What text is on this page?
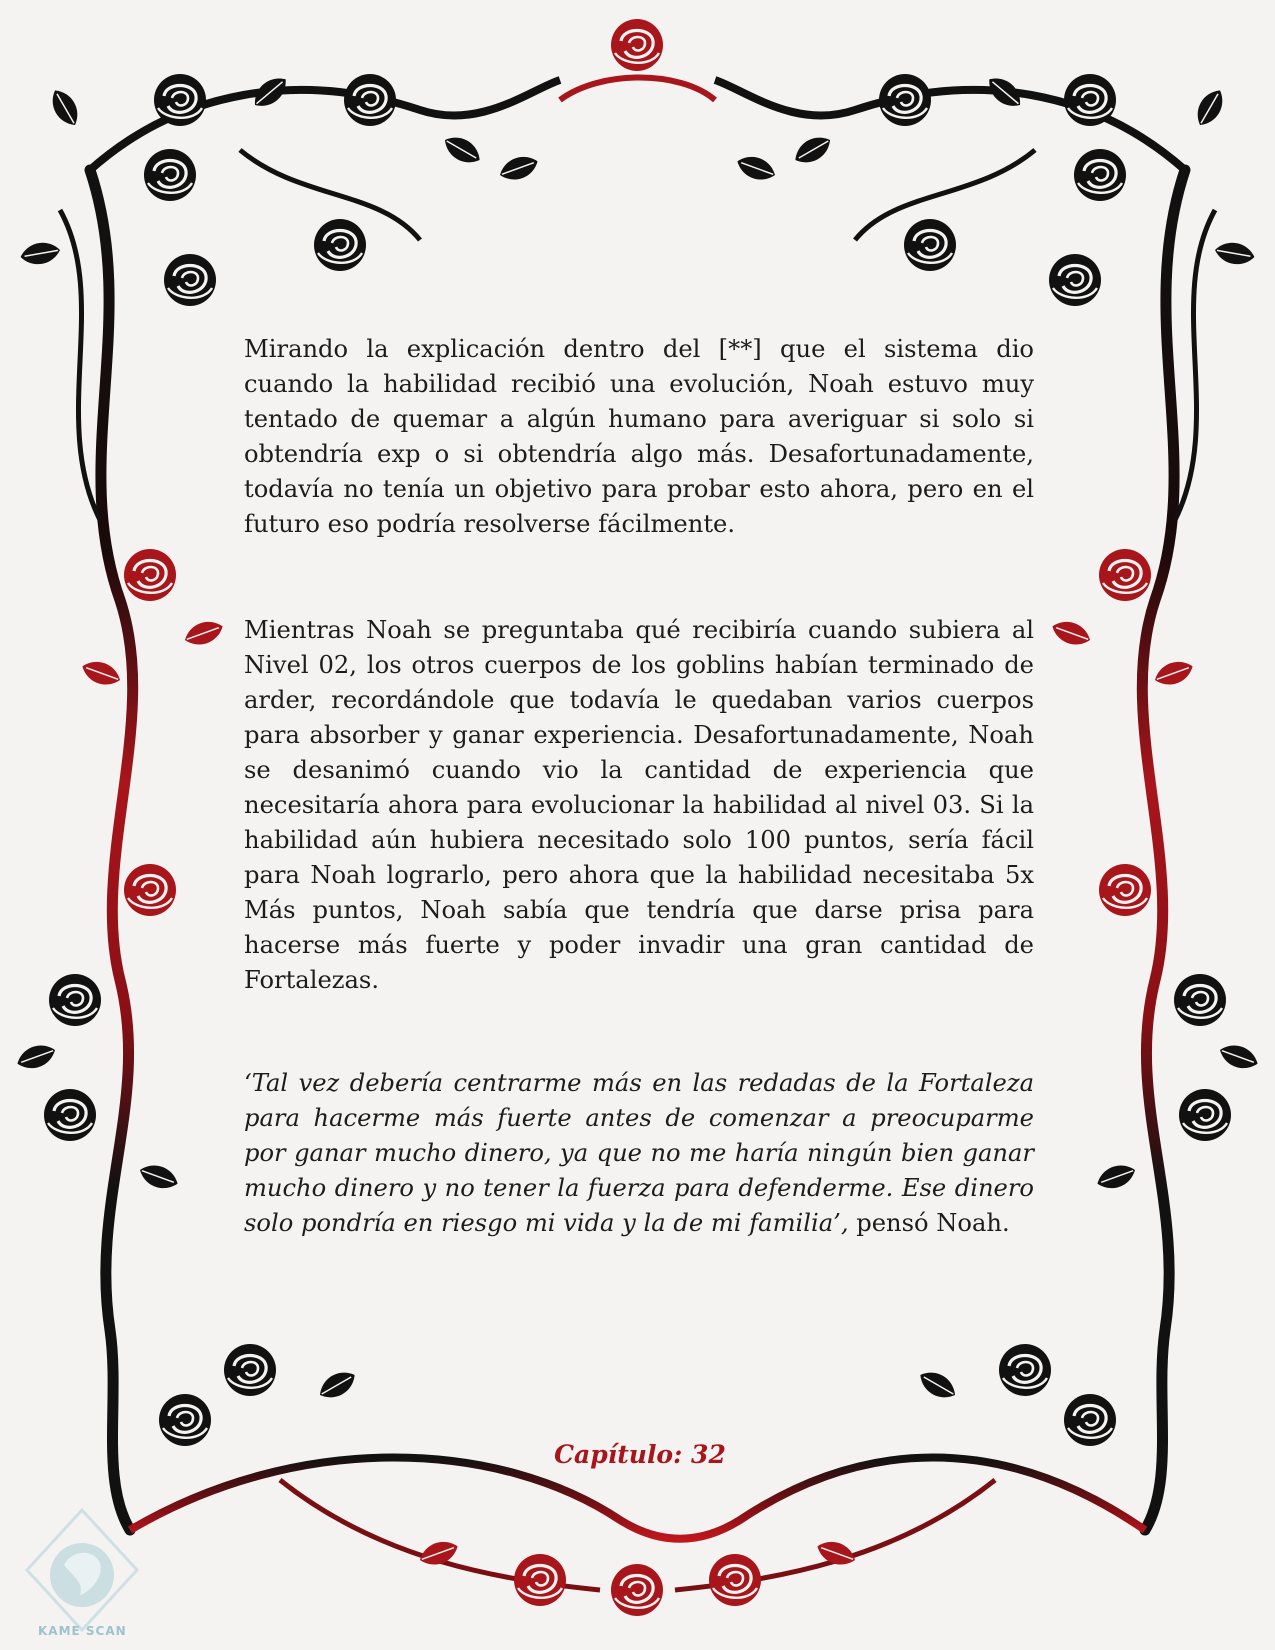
Mirando la explicación dentro del [**] que el sistema dio cuando la habilidad recibió una evolución, Noah estuvo muy tentado de quemar a algún humano para averiguar si solo si obtendría exp o si obtendría algo más. Desafortunadamente, todavía no tenía un objetivo para probar esto ahora, pero en el futuro eso podría resolverse fácilmente.

Mientras Noah se preguntaba qué recibiría cuando subiera al Nivel 02, los otros cuerpos de los goblins habían terminado de arder, recordándole que todavía le quedaban varios cuerpos para absorber y ganar experiencia. Desafortunadamente, Noah se desanimó cuando vio la cantidad de experiencia que necesitaría ahora para evolucionar la habilidad al nivel 03. Si la habilidad aún hubiera necesitado solo 100 puntos, sería fácil para Noah lograrlo, pero ahora que la habilidad necesitaba 5x Más puntos, Noah sabía que tendría que darse prisa para hacerse más fuerte y poder invadir una gran cantidad de Fortalezas.

‘Tal vez debería centrarme más en las redadas de la Fortaleza para hacerme más fuerte antes de comenzar a preocuparme por ganar mucho dinero, ya que no me haría ningún bien ganar mucho dinero y no tener la fuerza para defenderme. Ese dinero solo pondría en riesgo mi vida y la de mi familia’, pensó Noah.

Capítulo: 32
KAME SCAN
